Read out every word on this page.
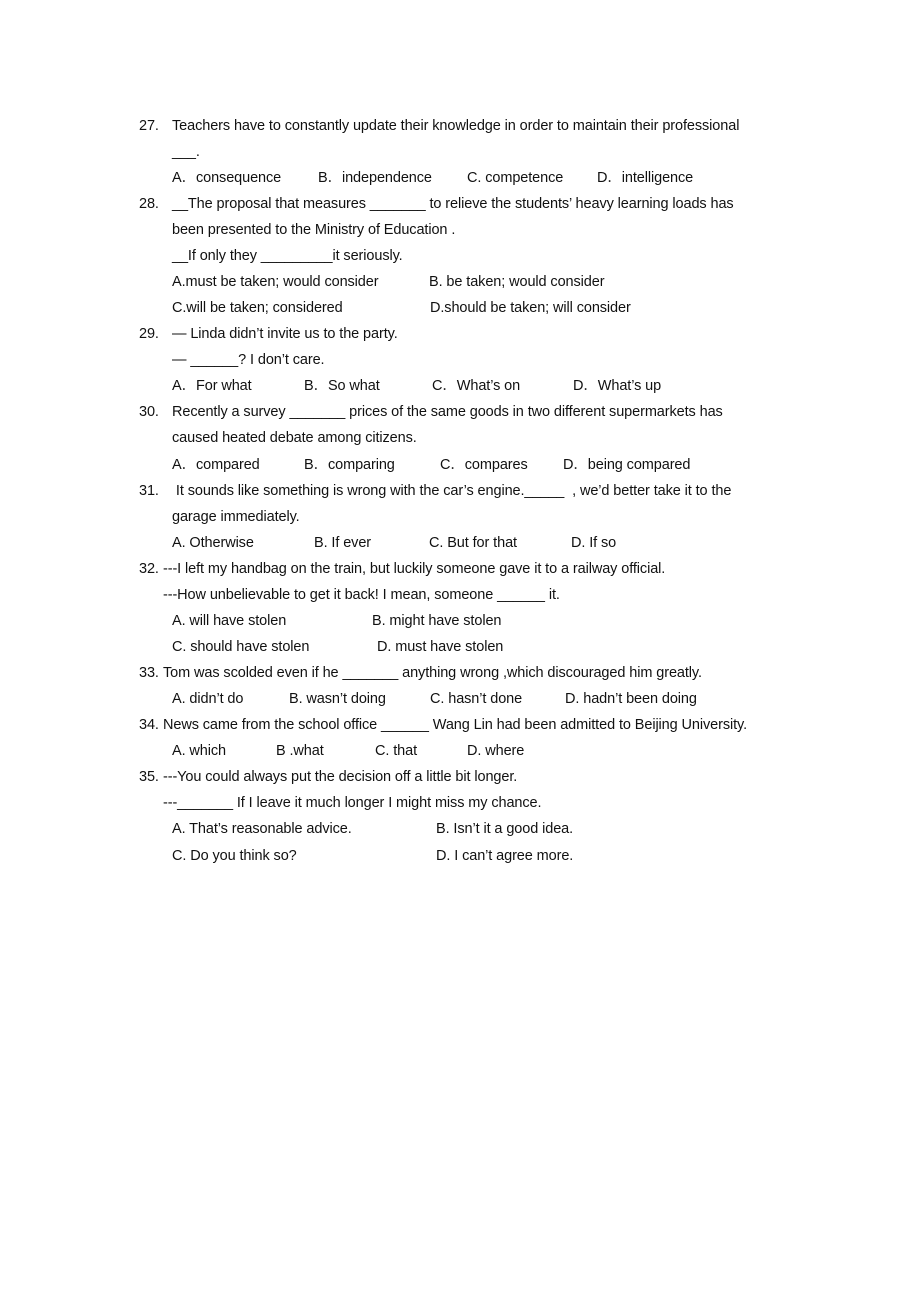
27. Teachers have to constantly update their knowledge in order to maintain their professional
___.
A．consequence	B．independence C. competence D．intelligence
28. __The proposal that measures _______ to relieve the students’ heavy learning loads has
been presented to the Ministry of Education .
__If only they _________it seriously.
A.must be taken; would consider	B. be taken; would consider
C.will be taken; considered	D.should be taken; will consider
29. — Linda didn’t invite us to the party.
— ______? I don’t care.
A．For what	B．So what	C．What’s on	D．What’s up
30. Recently a survey _______ prices of the same goods in two different supermarkets has
caused heated debate among citizens.
A．compared	B．comparing	C．compares D．being compared
31. It sounds like something is wrong with the car’s engine._____  , we’d better take it to the
garage immediately.
A. Otherwise	B. If ever	C. But for that	D. If so
32. ---I left my handbag on the train, but luckily someone gave it to a railway official.
---How unbelievable to get it back! I mean, someone ______ it.
A. will have stolen	B. might have stolen
C. should have stolen	D. must have stolen
33. Tom was scolded even if he _______ anything wrong ,which discouraged him greatly.
A. didn’t do	B. wasn’t doing	C. hasn’t done	D. hadn’t been doing
34. News came from the school office ______ Wang Lin had been admitted to Beijing University.
A. which	B .what	C. that	D. where
35. ---You could always put the decision off a little bit longer.
---_______ If I leave it much longer I might miss my chance.
A. That’s reasonable advice.	B. Isn’t it a good idea.
C. Do you think so?	D. I can’t agree more.
